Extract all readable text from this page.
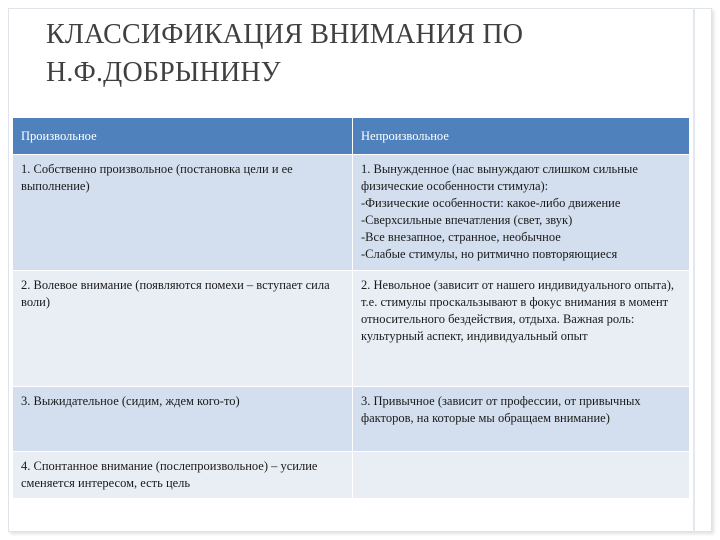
КЛАССИФИКАЦИЯ ВНИМАНИЯ ПО Н.Ф.ДОБРЫНИНУ
Произвольное	Непроизвольное

1. Собственно произвольное (постановка цели и ее выполнение)	1. Вынужденное (нас вынуждают слишком сильные физические особенности стимула):
-Физические особенности: какое-либо движение
-Сверхсильные впечатления (свет, звук)
-Все внезапное, странное, необычное
-Слабые стимулы, но ритмично повторяющиеся

2. Волевое внимание (появляются помехи – вступает сила воли)	2. Невольное (зависит от нашего индивидуального опыта), т.е. стимулы проскальзывают в фокус внимания в момент относительного бездействия, отдыха. Важная роль: культурный аспект, индивидуальный опыт

3. Выжидательное (сидим, ждем кого-то)	3. Привычное (зависит от профессии, от привычных факторов, на которые мы обращаем внимание)

4. Спонтанное внимание (послепроизвольное) – усилие сменяется интересом, есть цель	
